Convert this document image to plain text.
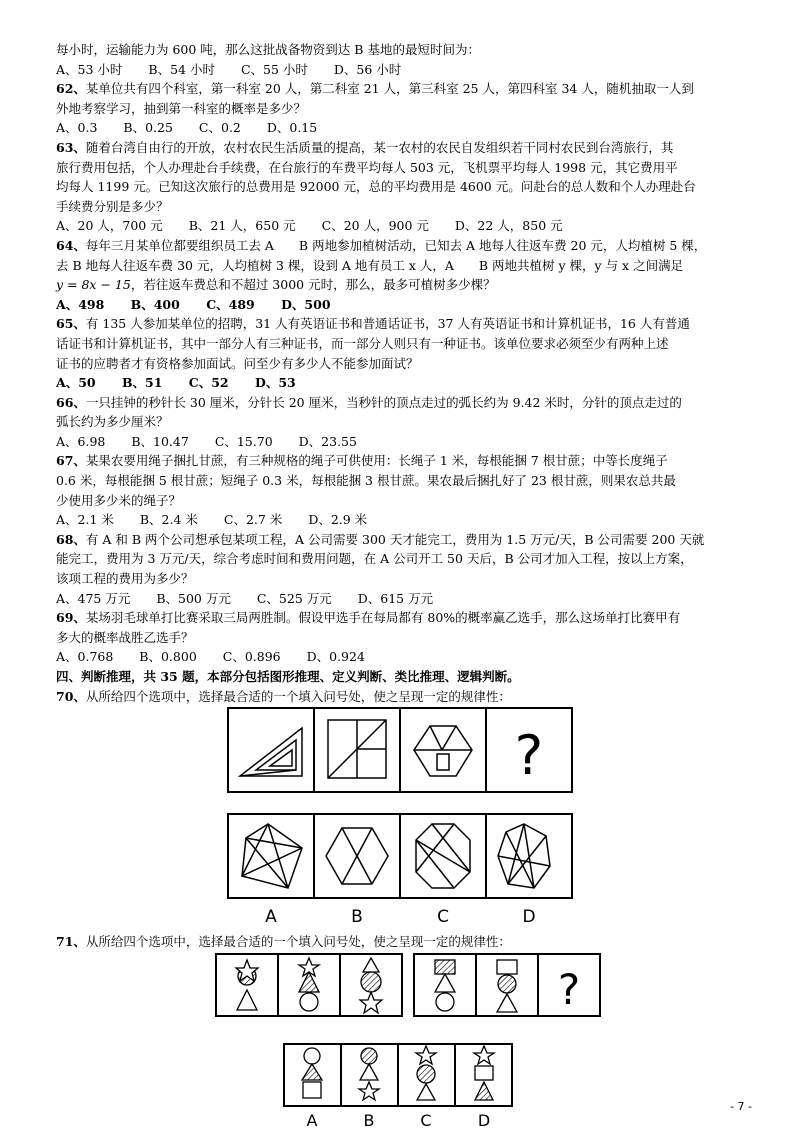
每小时，运输能力为 600 吨，那么这批战备物资到达 B 基地的最短时间为：
A、53 小时 B、54 小时 C、55 小时 D、56 小时
62、某单位共有四个科室，第一科室 20 人，第二科室 21 人，第三科室 25 人，第四科室 34 人，随机抽取一人到
外地考察学习，抽到第一科室的概率是多少？
A、0.3 B、0.25 C、0.2 D、0.15
63、随着台湾自由行的开放，农村农民生活质量的提高，某一农村的农民自发组织若干同村农民到台湾旅行，其
旅行费用包括，个人办理赴台手续费，在台旅行的车费平均每人 503 元，飞机票平均每人 1998 元，其它费用平
均每人 1199 元。已知这次旅行的总费用是 92000 元，总的平均费用是 4600 元。问赴台的总人数和个人办理赴台
手续费分别是多少？
A、20 人，700 元 B、21 人，650 元 C、20 人，900 元 D、22 人，850 元
64、每年三月某单位都要组织员工去 A　　B 两地参加植树活动，已知去 A 地每人往返车费 20 元，人均植树 5 棵，
去 B 地每人往返车费 30 元，人均植树 3 棵，设到 A 地有员工 x 人，A　　B 两地共植树 y 棵，y 与 x 之间满足
y = 8x − 15，若往返车费总和不超过 3000 元时，那么，最多可植树多少棵？
A、498 B、400 C、489 D、500
65、有 135 人参加某单位的招聘，31 人有英语证书和普通话证书，37 人有英语证书和计算机证书，16 人有普通
话证书和计算机证书，其中一部分人有三种证书，而一部分人则只有一种证书。该单位要求必须至少有两种上述
证书的应聘者才有资格参加面试。问至少有多少人不能参加面试？
A、50 B、51 C、52 D、53
66、一只挂钟的秒针长 30 厘米，分针长 20 厘米，当秒针的顶点走过的弧长约为 9.42 米时，分针的顶点走过的
弧长约为多少厘米？
A、6.98 B、10.47 C、15.70 D、23.55
67、某果农要用绳子捆扎甘蔗，有三种规格的绳子可供使用：长绳子 1 米，每根能捆 7 根甘蔗；中等长度绳子
0.6 米，每根能捆 5 根甘蔗；短绳子 0.3 米，每根能捆 3 根甘蔗。果农最后捆扎好了 23 根甘蔗，则果农总共最
少使用多少米的绳子？
A、2.1 米 B、2.4 米 C、2.7 米 D、2.9 米
68、有 A 和 B 两个公司想承包某项工程，A 公司需要 300 天才能完工，费用为 1.5 万元/天，B 公司需要 200 天就
能完工，费用为 3 万元/天，综合考虑时间和费用问题，在 A 公司开工 50 天后，B 公司才加入工程，按以上方案，
该项工程的费用为多少？
A、475 万元 B、500 万元 C、525 万元 D、615 万元
69、某场羽毛球单打比赛采取三局两胜制。假设甲选手在每局都有 80%的概率赢乙选手，那么这场单打比赛甲有
多大的概率战胜乙选手？
A、0.768 B、0.800 C、0.896 D、0.924
四、判断推理，共 35 题，本部分包括图形推理、定义判断、类比推理、逻辑判断。
70、从所给四个选项中，选择最合适的一个填入问号处，使之呈现一定的规律性：
?
A	B	C	D
71、从所给四个选项中，选择最合适的一个填入问号处，使之呈现一定的规律性：
?
A	B	C	D
- 7 -
